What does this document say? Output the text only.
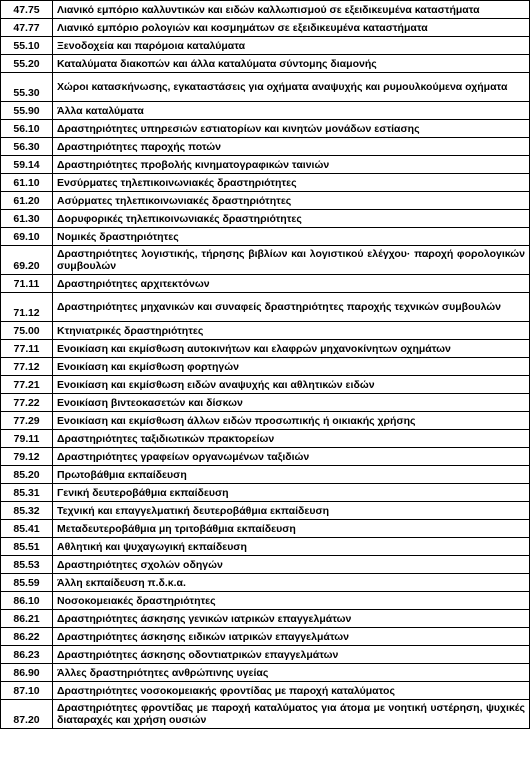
47.75	Λιανικό εμπόριο καλλυντικών και ειδών καλλωπισμού σε εξειδικευμένα καταστήματα
47.77	Λιανικό εμπόριο ρολογιών και κοσμημάτων σε εξειδικευμένα καταστήματα
55.10	Ξενοδοχεία και παρόμοια καταλύματα
55.20	Καταλύματα διακοπών και άλλα καταλύματα σύντομης διαμονής
55.30	Χώροι κατασκήνωσης, εγκαταστάσεις για οχήματα αναψυχής και ρυμουλκούμενα οχήματα
55.90	Άλλα καταλύματα
56.10	Δραστηριότητες υπηρεσιών εστιατορίων και κινητών μονάδων εστίασης
56.30	Δραστηριότητες παροχής ποτών
59.14	Δραστηριότητες προβολής κινηματογραφικών ταινιών
61.10	Ενσύρματες τηλεπικοινωνιακές δραστηριότητες
61.20	Ασύρματες τηλεπικοινωνιακές δραστηριότητες
61.30	Δορυφορικές τηλεπικοινωνιακές δραστηριότητες
69.10	Νομικές δραστηριότητες
69.20	Δραστηριότητες λογιστικής, τήρησης βιβλίων και λογιστικού ελέγχου· παροχή φορολογικών συμβουλών
71.11	Δραστηριότητες αρχιτεκτόνων
71.12	Δραστηριότητες μηχανικών και συναφείς δραστηριότητες παροχής τεχνικών συμβουλών
75.00	Κτηνιατρικές δραστηριότητες
77.11	Ενοικίαση και εκμίσθωση αυτοκινήτων και ελαφρών μηχανοκίνητων οχημάτων
77.12	Ενοικίαση και εκμίσθωση φορτηγών
77.21	Ενοικίαση και εκμίσθωση ειδών αναψυχής και αθλητικών ειδών
77.22	Ενοικίαση βιντεοκασετών και δίσκων
77.29	Ενοικίαση και εκμίσθωση άλλων ειδών προσωπικής ή οικιακής χρήσης
79.11	Δραστηριότητες ταξιδιωτικών πρακτορείων
79.12	Δραστηριότητες γραφείων οργανωμένων ταξιδιών
85.20	Πρωτοβάθμια εκπαίδευση
85.31	Γενική δευτεροβάθμια εκπαίδευση
85.32	Τεχνική και επαγγελματική δευτεροβάθμια εκπαίδευση
85.41	Μεταδευτεροβάθμια μη τριτοβάθμια εκπαίδευση
85.51	Αθλητική και ψυχαγωγική εκπαίδευση
85.53	Δραστηριότητες σχολών οδηγών
85.59	Άλλη εκπαίδευση π.δ.κ.α.
86.10	Νοσοκομειακές δραστηριότητες
86.21	Δραστηριότητες άσκησης γενικών ιατρικών επαγγελμάτων
86.22	Δραστηριότητες άσκησης ειδικών ιατρικών επαγγελμάτων
86.23	Δραστηριότητες άσκησης οδοντιατρικών επαγγελμάτων
86.90	Άλλες δραστηριότητες ανθρώπινης υγείας
87.10	Δραστηριότητες νοσοκομειακής φροντίδας με παροχή καταλύματος
87.20	Δραστηριότητες φροντίδας με παροχή καταλύματος για άτομα με νοητική υστέρηση, ψυχικές διαταραχές και χρήση ουσιών
